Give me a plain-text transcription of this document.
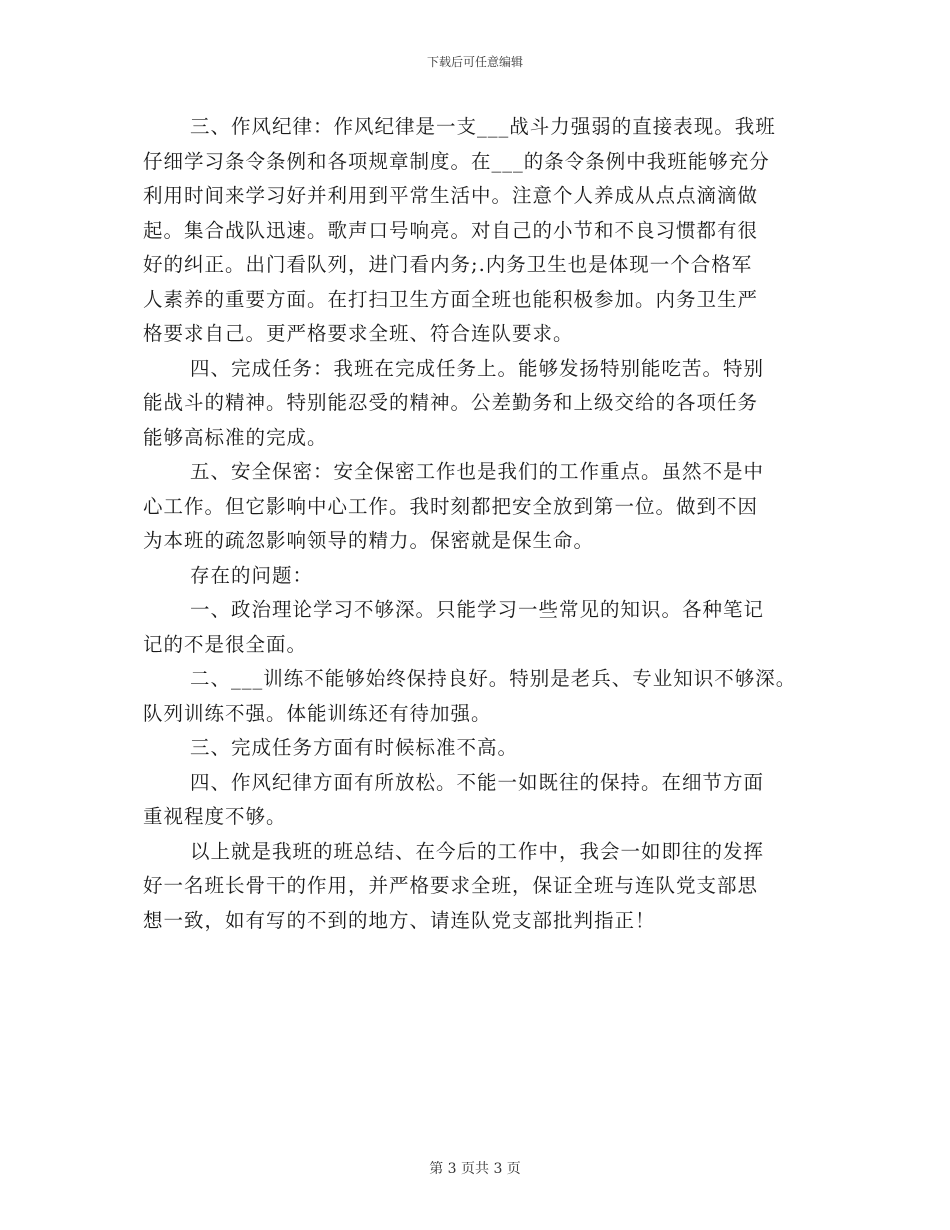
下载后可任意编辑
三、作风纪律：作风纪律是一支___战斗力强弱的直接表现。我班
仔细学习条令条例和各项规章制度。在___的条令条例中我班能够充分
利用时间来学习好并利用到平常生活中。注意个人养成从点点滴滴做
起。集合战队迅速。歌声口号响亮。对自己的小节和不良习惯都有很
好的纠正。出门看队列，进门看内务;.内务卫生也是体现一个合格军
人素养的重要方面。在打扫卫生方面全班也能积极参加。内务卫生严
格要求自己。更严格要求全班、符合连队要求。
四、完成任务：我班在完成任务上。能够发扬特别能吃苦。特别
能战斗的精神。特别能忍受的精神。公差勤务和上级交给的各项任务
能够高标准的完成。
五、安全保密：安全保密工作也是我们的工作重点。虽然不是中
心工作。但它影响中心工作。我时刻都把安全放到第一位。做到不因
为本班的疏忽影响领导的精力。保密就是保生命。
存在的问题：
一、政治理论学习不够深。只能学习一些常见的知识。各种笔记
记的不是很全面。
二、___训练不能够始终保持良好。特别是老兵、专业知识不够深。
队列训练不强。体能训练还有待加强。
三、完成任务方面有时候标准不高。
四、作风纪律方面有所放松。不能一如既往的保持。在细节方面
重视程度不够。
以上就是我班的班总结、在今后的工作中，我会一如即往的发挥
好一名班长骨干的作用，并严格要求全班，保证全班与连队党支部思
想一致，如有写的不到的地方、请连队党支部批判指正！
第 3 页共 3 页
